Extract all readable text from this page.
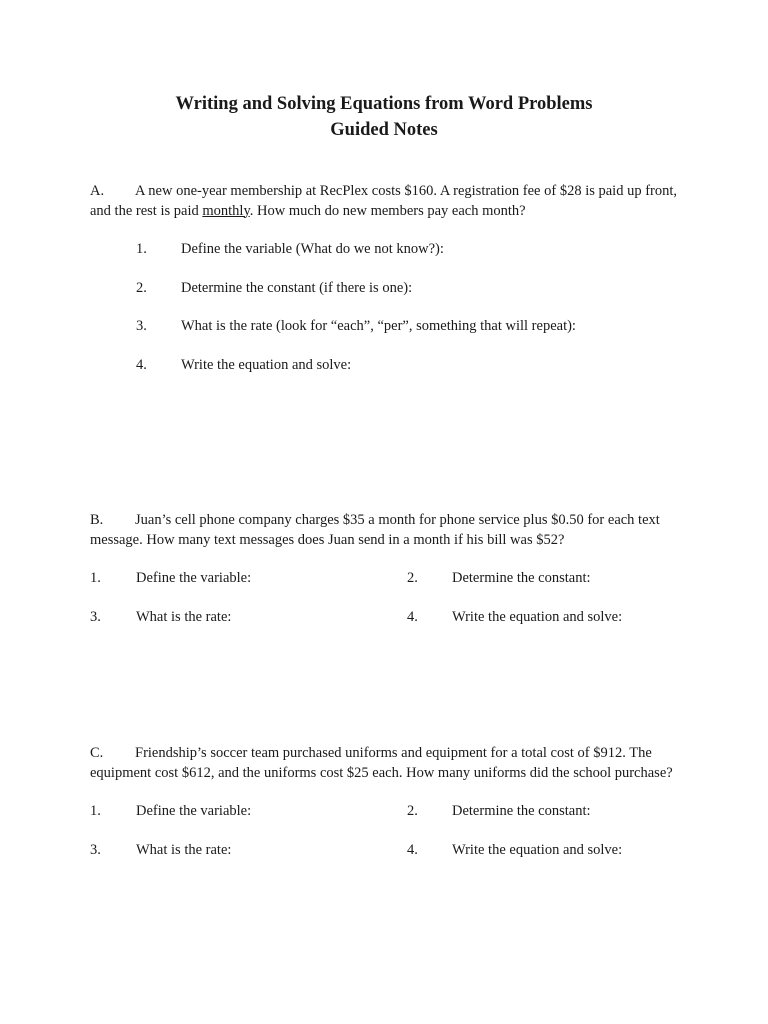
Writing and Solving Equations from Word Problems
Guided Notes

A. A new one-year membership at RecPlex costs $160. A registration fee of $28 is paid up front, and the rest is paid monthly. How much do new members pay each month?

1. Define the variable (What do we not know?):
2. Determine the constant (if there is one):
3. What is the rate (look for “each”, “per”, something that will repeat):
4. Write the equation and solve:

B. Juan’s cell phone company charges $35 a month for phone service plus $0.50 for each text message. How many text messages does Juan send in a month if his bill was $52?

1. Define the variable:	2. Determine the constant:
3. What is the rate:	4. Write the equation and solve:

C. Friendship’s soccer team purchased uniforms and equipment for a total cost of $912. The equipment cost $612, and the uniforms cost $25 each. How many uniforms did the school purchase?

1. Define the variable:	2. Determine the constant:
3. What is the rate:	4. Write the equation and solve:
